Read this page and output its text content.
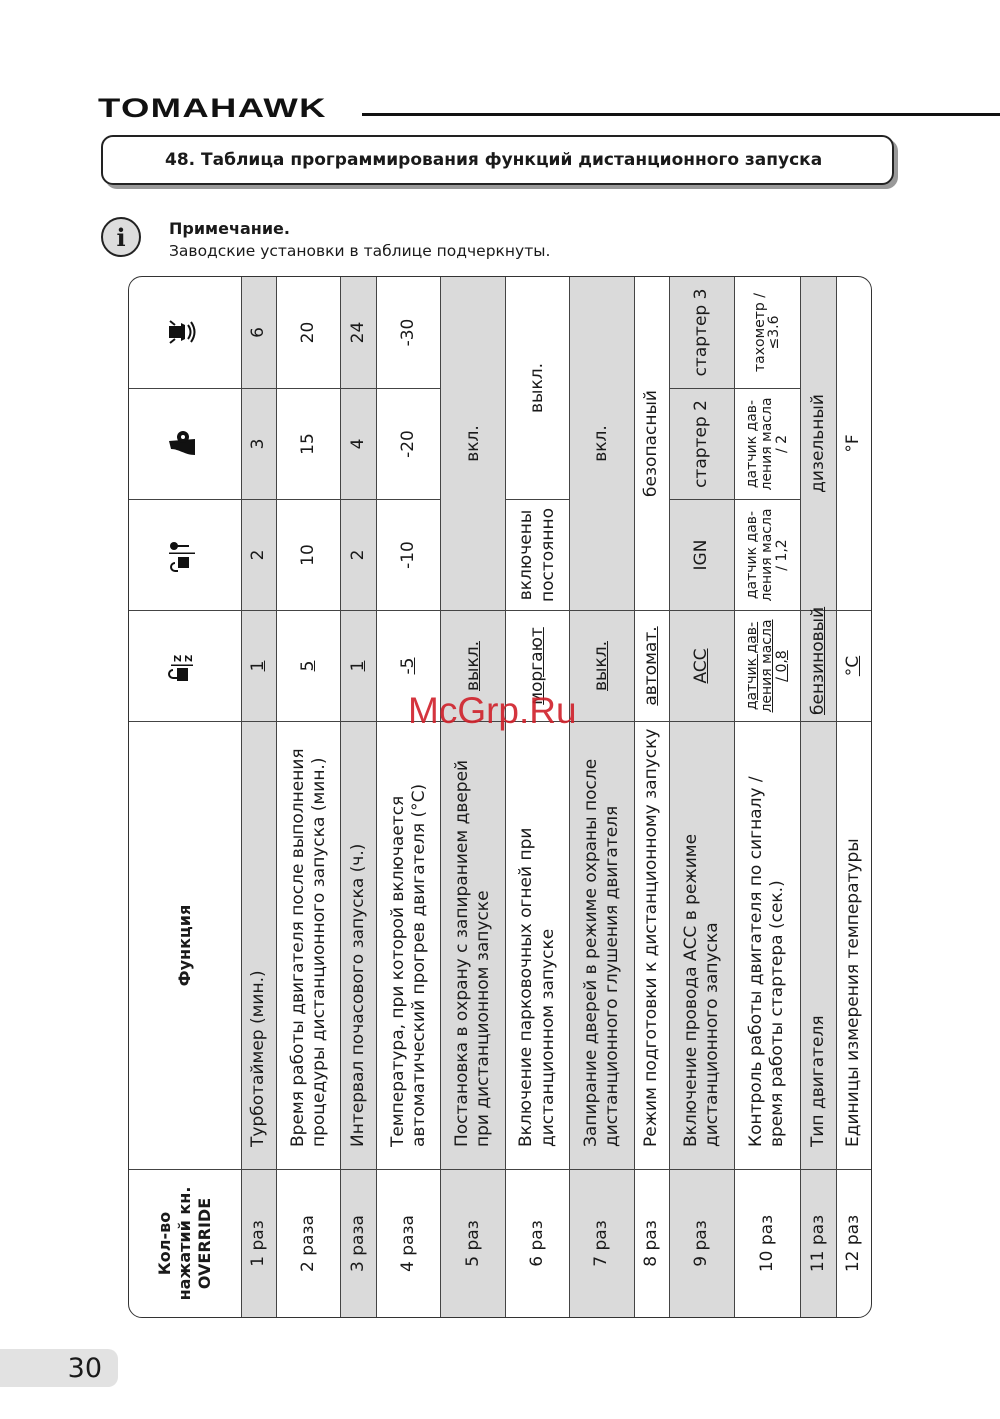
TOMAHAWK
48. Таблица программирования функций дистанционного запуска
i	Примечание.
Заводские установки в таблице подчеркнуты.
Кол-во нажатий кн. OVERRIDE	Функция	Z Z

1 раз	Турботаймер (мин.)	1	2	3	6
2 раза	Время работы двигателя после выполнения процедуры дистанционного запуска (мин.)	5	10	15	20
3 раза	Интервал почасового запуска (ч.)	1	2	4	24
4 раза	Температура, при которой включается автоматический прогрев двигателя (°C)	-5	-10	-20	-30
5 раз	Постановка в охрану с запиранием дверей при дистанционном запуске	выкл.	вкл.		
6 раз	Включение парковочных огней при дистанционном запуске	моргают	включены постоянно	выкл.	
7 раз	Запирание дверей в режиме охраны после дистанционного глушения двигателя	выкл.	вкл.		
8 раз	Режим подготовки к дистанционному запуску	автомат.	безопасный		
9 раз	Включение провода АСС в режиме дистанционного запуска	ACC	IGN	стартер 2	стартер 3
10 раз	Контроль работы двигателя по сигналу / время работы стартера (сек.)	датчик дав-ления масла / 0,8	датчик дав-ления масла / 1,2	датчик дав-ления масла / 2	тахометр / ≤3.6
11 раз	Тип двигателя	бензиновый	дизельный		
12 раз	Единицы измерения температуры	°C	°F		
McGrp.Ru
30
